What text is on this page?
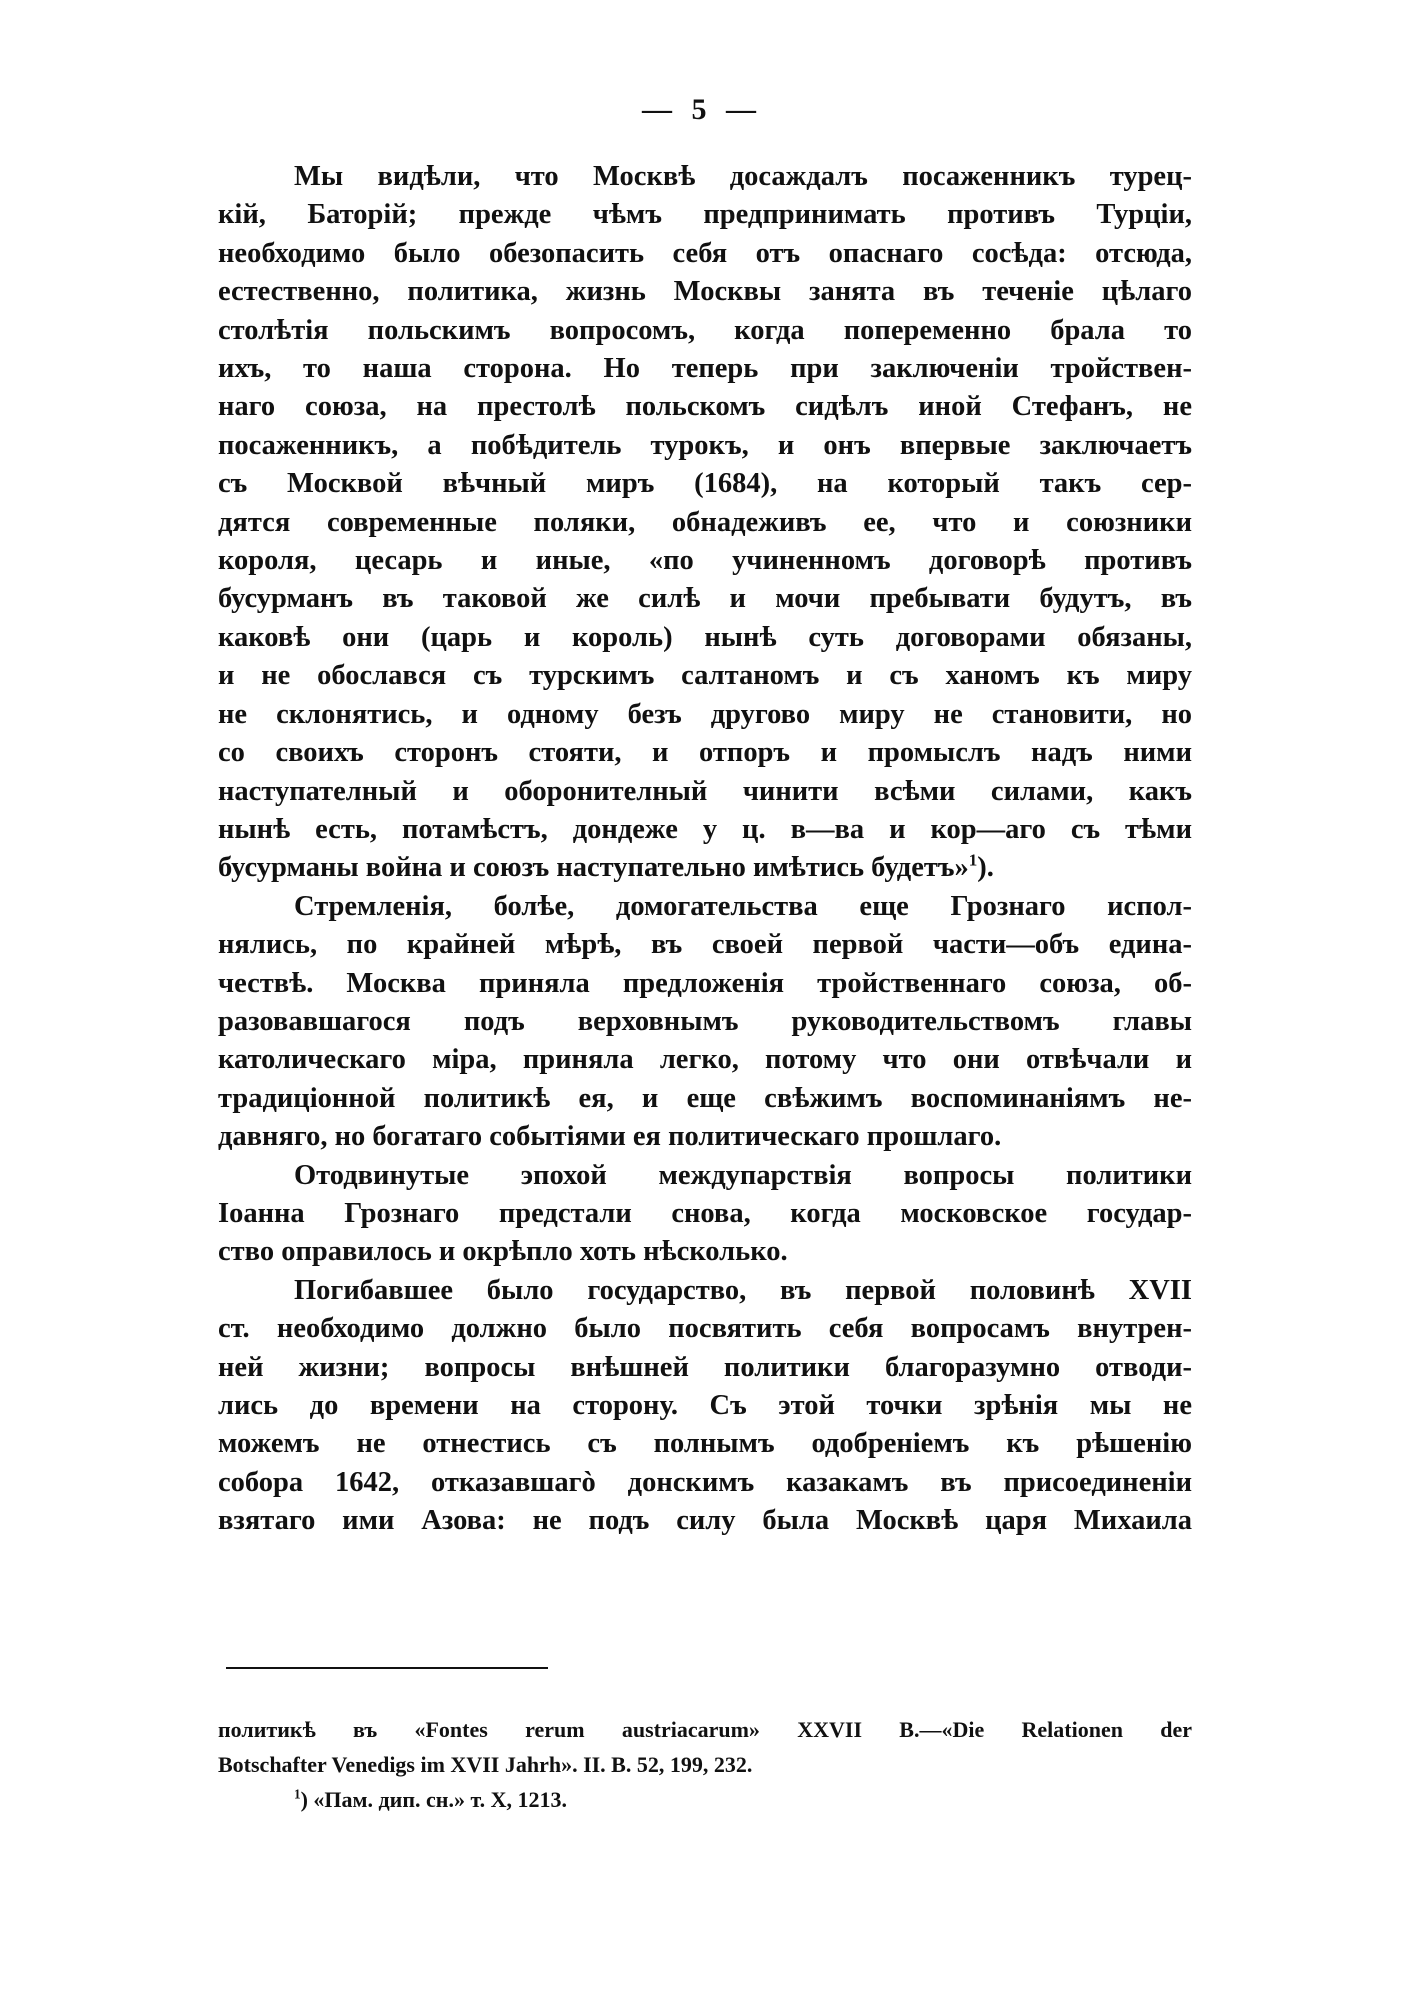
— 5 —

Мы видѣли, что Москвѣ досаждалъ посаженникъ турец-
кій, Баторій; прежде чѣмъ предпринимать противъ Турціи,
необходимо было обезопасить себя отъ опаснаго сосѣда: отсюда,
естественно, политика, жизнь Москвы занята въ теченіе цѣлаго
столѣтія польскимъ вопросомъ, когда попеременно брала то
ихъ, то наша сторона. Но теперь при заключеніи тройствен-
наго союза, на престолѣ польскомъ сидѣлъ иной Стефанъ, не
посаженникъ, а побѣдитель турокъ, и онъ впервые заключаетъ
съ Москвой вѣчный миръ (1684), на который такъ сер-
дятся современные поляки, обнадеживъ ее, что и союзники
короля, цесарь и иные, «по учиненномъ договорѣ противъ
бусурманъ въ таковой же силѣ и мочи пребывати будутъ, въ
каковѣ они (царь и король) нынѣ суть договорами обязаны,
и не обослався съ турскимъ салтаномъ и съ ханомъ къ миру
не склонятись, и одному безъ другово миру не становити, но
со своихъ сторонъ стояти, и отпоръ и промыслъ надъ ними
наступателный и оборонителный чинити всѣми силами, какъ
нынѣ есть, потамѣстъ, дондеже у ц. в—ва и кор—аго съ тѣми
бусурманы война и союзъ наступательно имѣтись будетъ»$^1$).

Стремленія, болѣе, домогательства еще Грознаго испол-
нялись, по крайней мѣрѣ, въ своей первой части—объ едина-
чествѣ. Москва приняла предложенія тройственнаго союза, об-
разовавшагося подъ верховнымъ руководительствомъ главы
католическаго міра, приняла легко, потому что они отвѣчали и
традиціонной политикѣ ея, и еще свѣжимъ воспоминаніямъ не-
давняго, но богатаго событіями ея политическаго прошлаго.

Отодвинутые эпохой междупарствія вопросы политики
Іоанна Грознаго предстали снова, когда московское государ-
ство оправилось и окрѣпло хоть нѣсколько.

Погибавшее было государство, въ первой половинѣ XVII
ст. необходимо должно было посвятить себя вопросамъ внутрен-
ней жизни; вопросы внѣшней политики благоразумно отводи-
лись до времени на сторону. Съ этой точки зрѣнія мы не
можемъ не отнестись съ полнымъ одобреніемъ къ рѣшенію
собора 1642, отказавшагò донскимъ казакамъ въ присоединеніи
взятаго ими Азова: не подъ силу была Москвѣ царя Михаила

политикѣ въ «Fontes rerum austriacarum» XXVII B.—«Die Relationen der
Botschafter Venedigs im XVII Jahrh». II. B. 52, 199, 232.
$^1$) «Пам. дип. сн.» т. X, 1213.
